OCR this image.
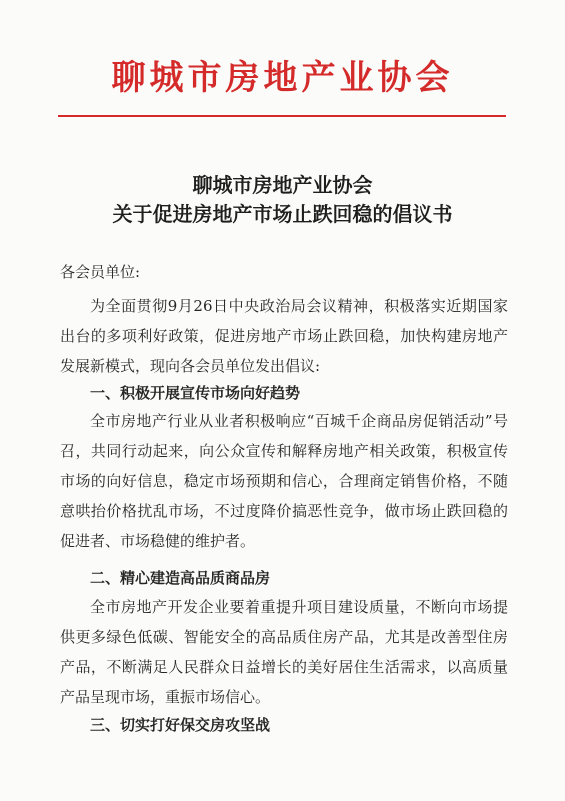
聊城市房地产业协会
聊城市房地产业协会
关于促进房地产市场止跌回稳的倡议书
各会员单位:

为全面贯彻9月26日中央政治局会议精神，积极落实近期国家出台的多项利好政策，促进房地产市场止跌回稳，加快构建房地产发展新模式，现向各会员单位发出倡议:

一、积极开展宣传市场向好趋势

全市房地产行业从业者积极响应“百城千企商品房促销活动”号召，共同行动起来，向公众宣传和解释房地产相关政策，积极宣传市场的向好信息，稳定市场预期和信心，合理商定销售价格，不随意哄抬价格扰乱市场，不过度降价搞恶性竞争，做市场止跌回稳的促进者、市场稳健的维护者。

二、精心建造高品质商品房

全市房地产开发企业要着重提升项目建设质量，不断向市场提供更多绿色低碳、智能安全的高品质住房产品，尤其是改善型住房产品，不断满足人民群众日益增长的美好居住生活需求，以高质量产品呈现市场，重振市场信心。

三、切实打好保交房攻坚战
